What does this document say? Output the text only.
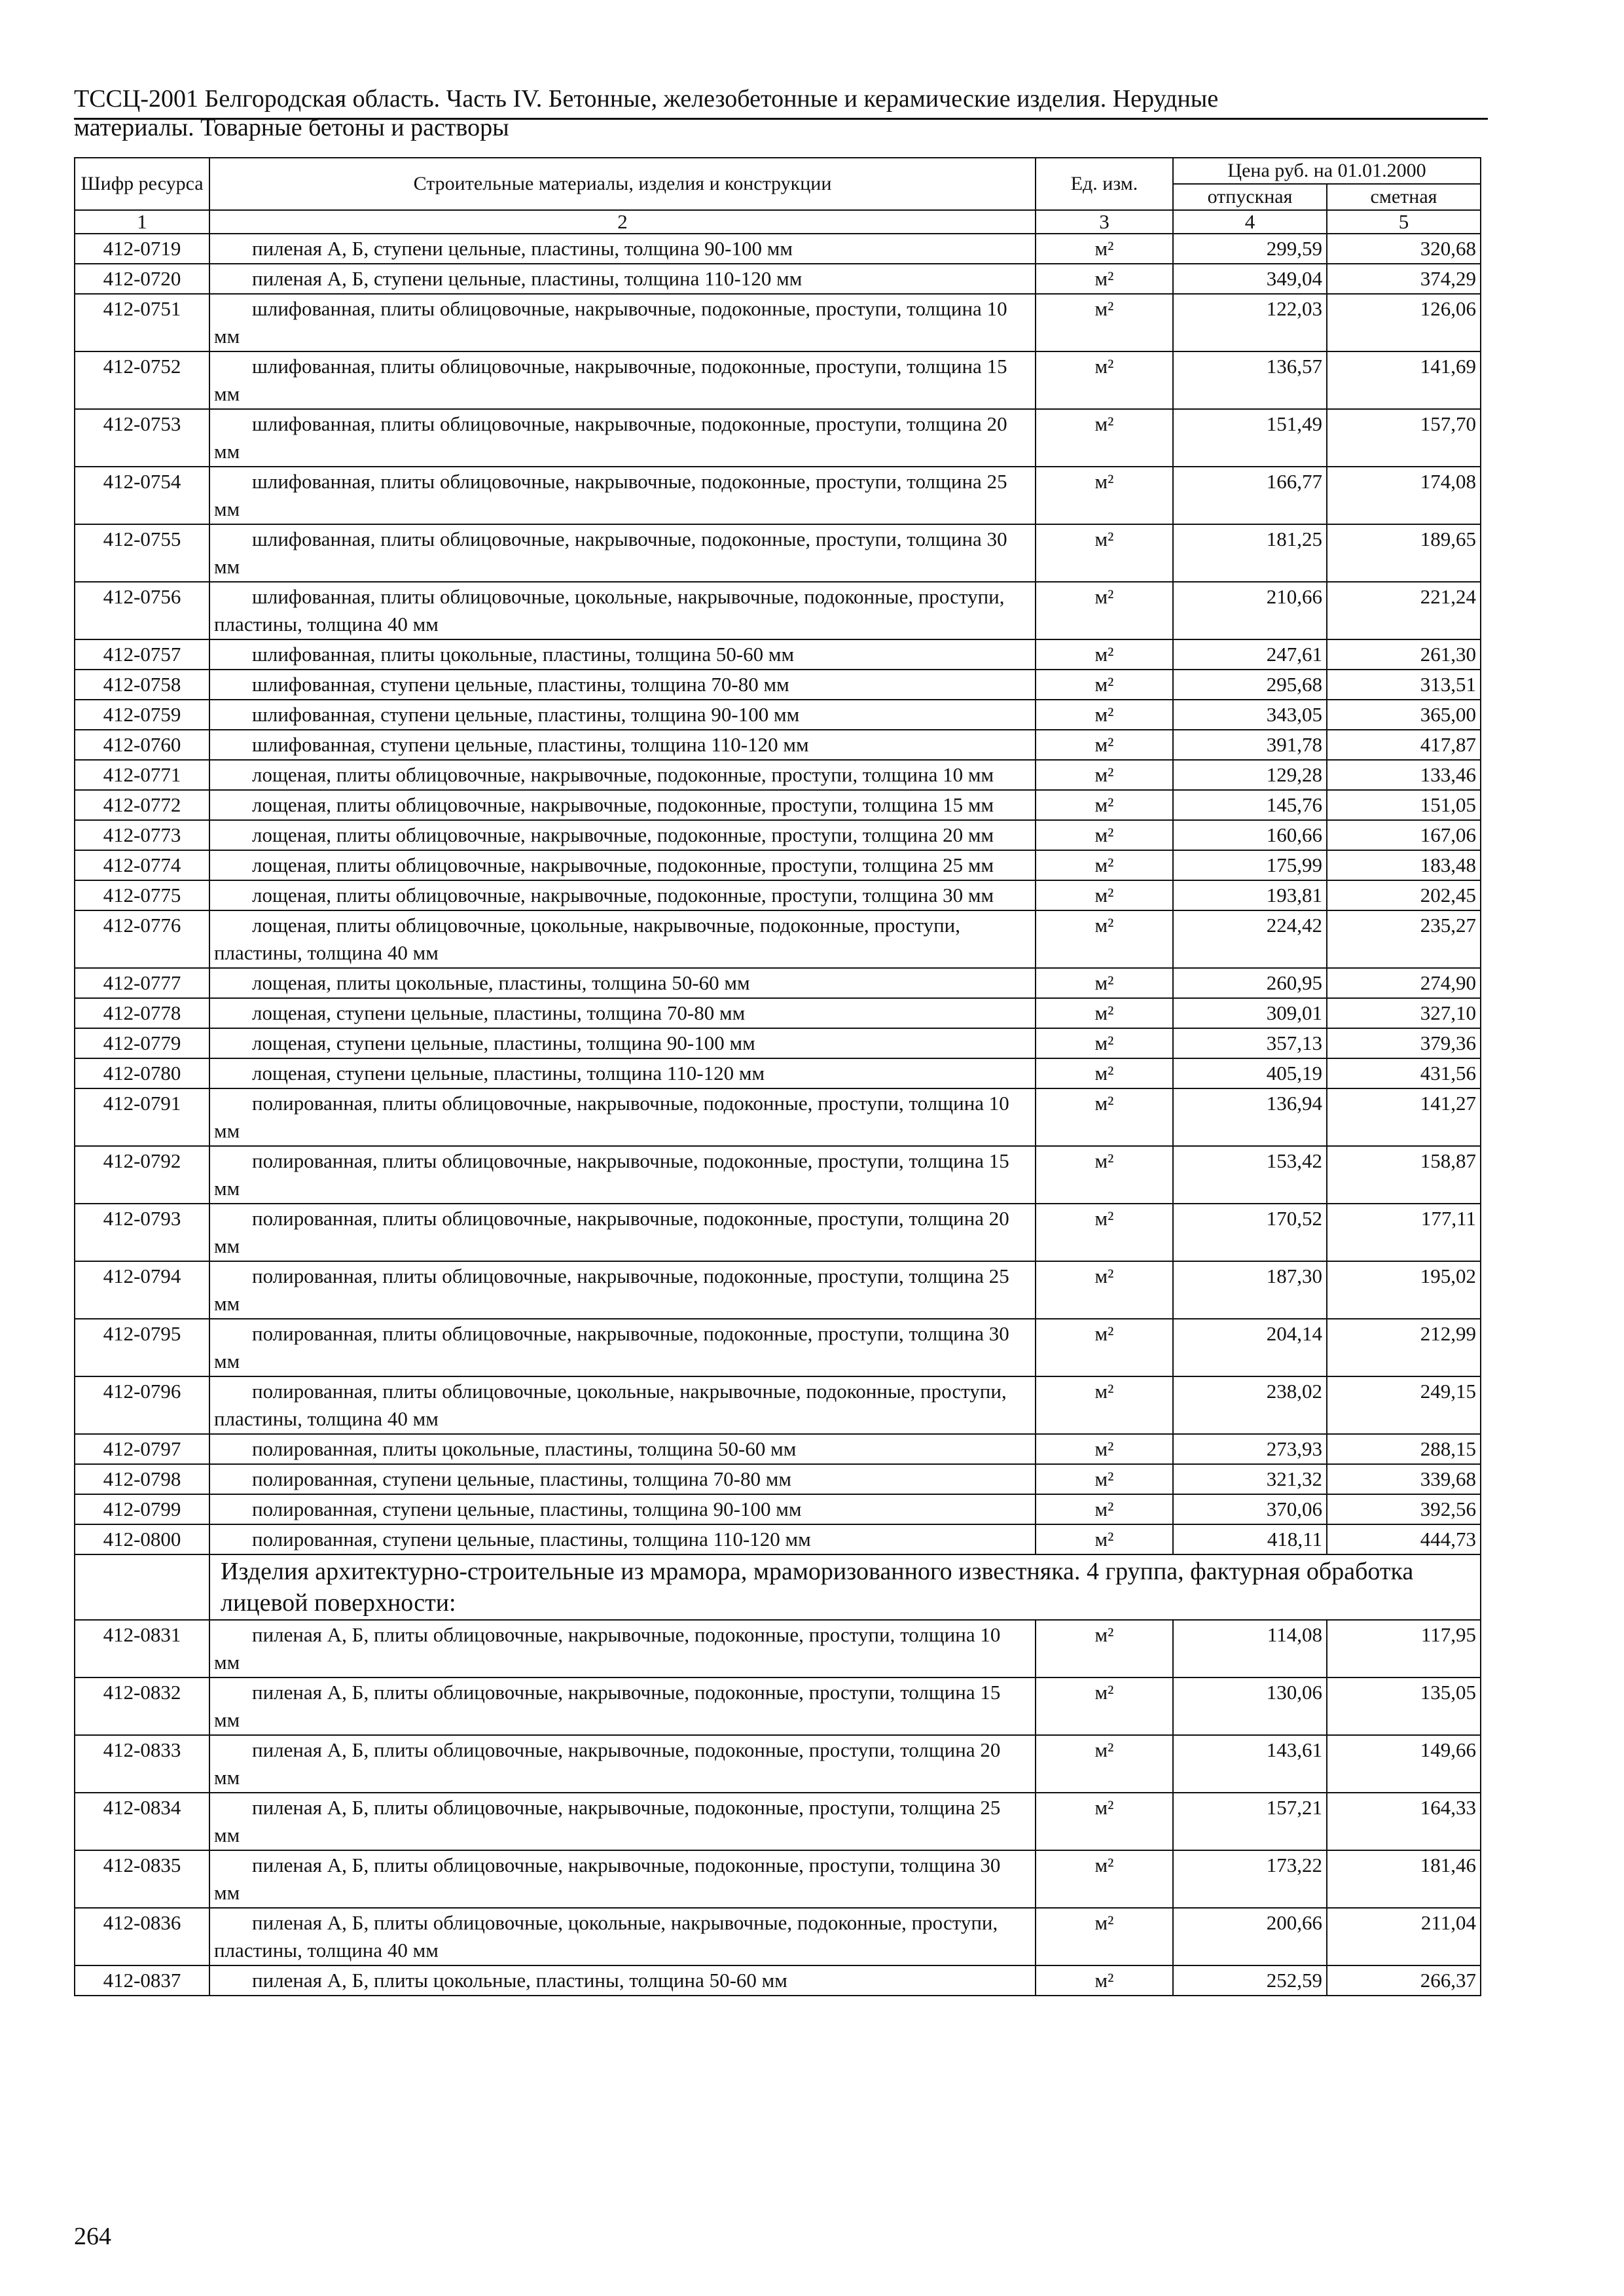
ТССЦ-2001 Белгородская область. Часть IV. Бетонные, железобетонные и керамические изделия. Нерудные
материалы. Товарные бетоны и растворы
Шифр ресурса	Строительные материалы, изделия и конструкции	Ед. изм.	Цена руб. на 01.01.2000	
			отпускная	сметная
1	2	3	4	5
412-0719	пиленая А, Б, ступени цельные, пластины, толщина 90-100 мм	м²	299,59	320,68
412-0720	пиленая А, Б, ступени цельные, пластины, толщина 110-120 мм	м²	349,04	374,29
412-0751	шлифованная, плиты облицовочные, накрывочные, подоконные, проступи, толщина 10 мм	м²	122,03	126,06
412-0752	шлифованная, плиты облицовочные, накрывочные, подоконные, проступи, толщина 15 мм	м²	136,57	141,69
412-0753	шлифованная, плиты облицовочные, накрывочные, подоконные, проступи, толщина 20 мм	м²	151,49	157,70
412-0754	шлифованная, плиты облицовочные, накрывочные, подоконные, проступи, толщина 25 мм	м²	166,77	174,08
412-0755	шлифованная, плиты облицовочные, накрывочные, подоконные, проступи, толщина 30 мм	м²	181,25	189,65
412-0756	шлифованная, плиты облицовочные, цокольные, накрывочные, подоконные, проступи, пластины, толщина 40 мм	м²	210,66	221,24
412-0757	шлифованная, плиты цокольные, пластины, толщина 50-60 мм	м²	247,61	261,30
412-0758	шлифованная, ступени цельные, пластины, толщина 70-80 мм	м²	295,68	313,51
412-0759	шлифованная, ступени цельные, пластины, толщина 90-100 мм	м²	343,05	365,00
412-0760	шлифованная, ступени цельные, пластины, толщина 110-120 мм	м²	391,78	417,87
412-0771	лощеная, плиты облицовочные, накрывочные, подоконные, проступи, толщина 10 мм	м²	129,28	133,46
412-0772	лощеная, плиты облицовочные, накрывочные, подоконные, проступи, толщина 15 мм	м²	145,76	151,05
412-0773	лощеная, плиты облицовочные, накрывочные, подоконные, проступи, толщина 20 мм	м²	160,66	167,06
412-0774	лощеная, плиты облицовочные, накрывочные, подоконные, проступи, толщина 25 мм	м²	175,99	183,48
412-0775	лощеная, плиты облицовочные, накрывочные, подоконные, проступи, толщина 30 мм	м²	193,81	202,45
412-0776	лощеная, плиты облицовочные, цокольные, накрывочные, подоконные, проступи, пластины, толщина 40 мм	м²	224,42	235,27
412-0777	лощеная, плиты цокольные, пластины, толщина 50-60 мм	м²	260,95	274,90
412-0778	лощеная, ступени цельные, пластины, толщина 70-80 мм	м²	309,01	327,10
412-0779	лощеная, ступени цельные, пластины, толщина 90-100 мм	м²	357,13	379,36
412-0780	лощеная, ступени цельные, пластины, толщина 110-120 мм	м²	405,19	431,56
412-0791	полированная, плиты облицовочные, накрывочные, подоконные, проступи, толщина 10 мм	м²	136,94	141,27
412-0792	полированная, плиты облицовочные, накрывочные, подоконные, проступи, толщина 15 мм	м²	153,42	158,87
412-0793	полированная, плиты облицовочные, накрывочные, подоконные, проступи, толщина 20 мм	м²	170,52	177,11
412-0794	полированная, плиты облицовочные, накрывочные, подоконные, проступи, толщина 25 мм	м²	187,30	195,02
412-0795	полированная, плиты облицовочные, накрывочные, подоконные, проступи, толщина 30 мм	м²	204,14	212,99
412-0796	полированная, плиты облицовочные, цокольные, накрывочные, подоконные, проступи, пластины, толщина 40 мм	м²	238,02	249,15
412-0797	полированная, плиты цокольные, пластины, толщина 50-60 мм	м²	273,93	288,15
412-0798	полированная, ступени цельные, пластины, толщина 70-80 мм	м²	321,32	339,68
412-0799	полированная, ступени цельные, пластины, толщина 90-100 мм	м²	370,06	392,56
412-0800	полированная, ступени цельные, пластины, толщина 110-120 мм	м²	418,11	444,73
	Изделия архитектурно-строительные из мрамора, мраморизованного известняка. 4 группа, фактурная обработка лицевой поверхности:			
412-0831	пиленая А, Б, плиты облицовочные, накрывочные, подоконные, проступи, толщина 10 мм	м²	114,08	117,95
412-0832	пиленая А, Б, плиты облицовочные, накрывочные, подоконные, проступи, толщина 15 мм	м²	130,06	135,05
412-0833	пиленая А, Б, плиты облицовочные, накрывочные, подоконные, проступи, толщина 20 мм	м²	143,61	149,66
412-0834	пиленая А, Б, плиты облицовочные, накрывочные, подоконные, проступи, толщина 25 мм	м²	157,21	164,33
412-0835	пиленая А, Б, плиты облицовочные, накрывочные, подоконные, проступи, толщина 30 мм	м²	173,22	181,46
412-0836	пиленая А, Б, плиты облицовочные, цокольные, накрывочные, подоконные, проступи, пластины, толщина 40 мм	м²	200,66	211,04
412-0837	пиленая А, Б, плиты цокольные, пластины, толщина 50-60 мм	м²	252,59	266,37
264
